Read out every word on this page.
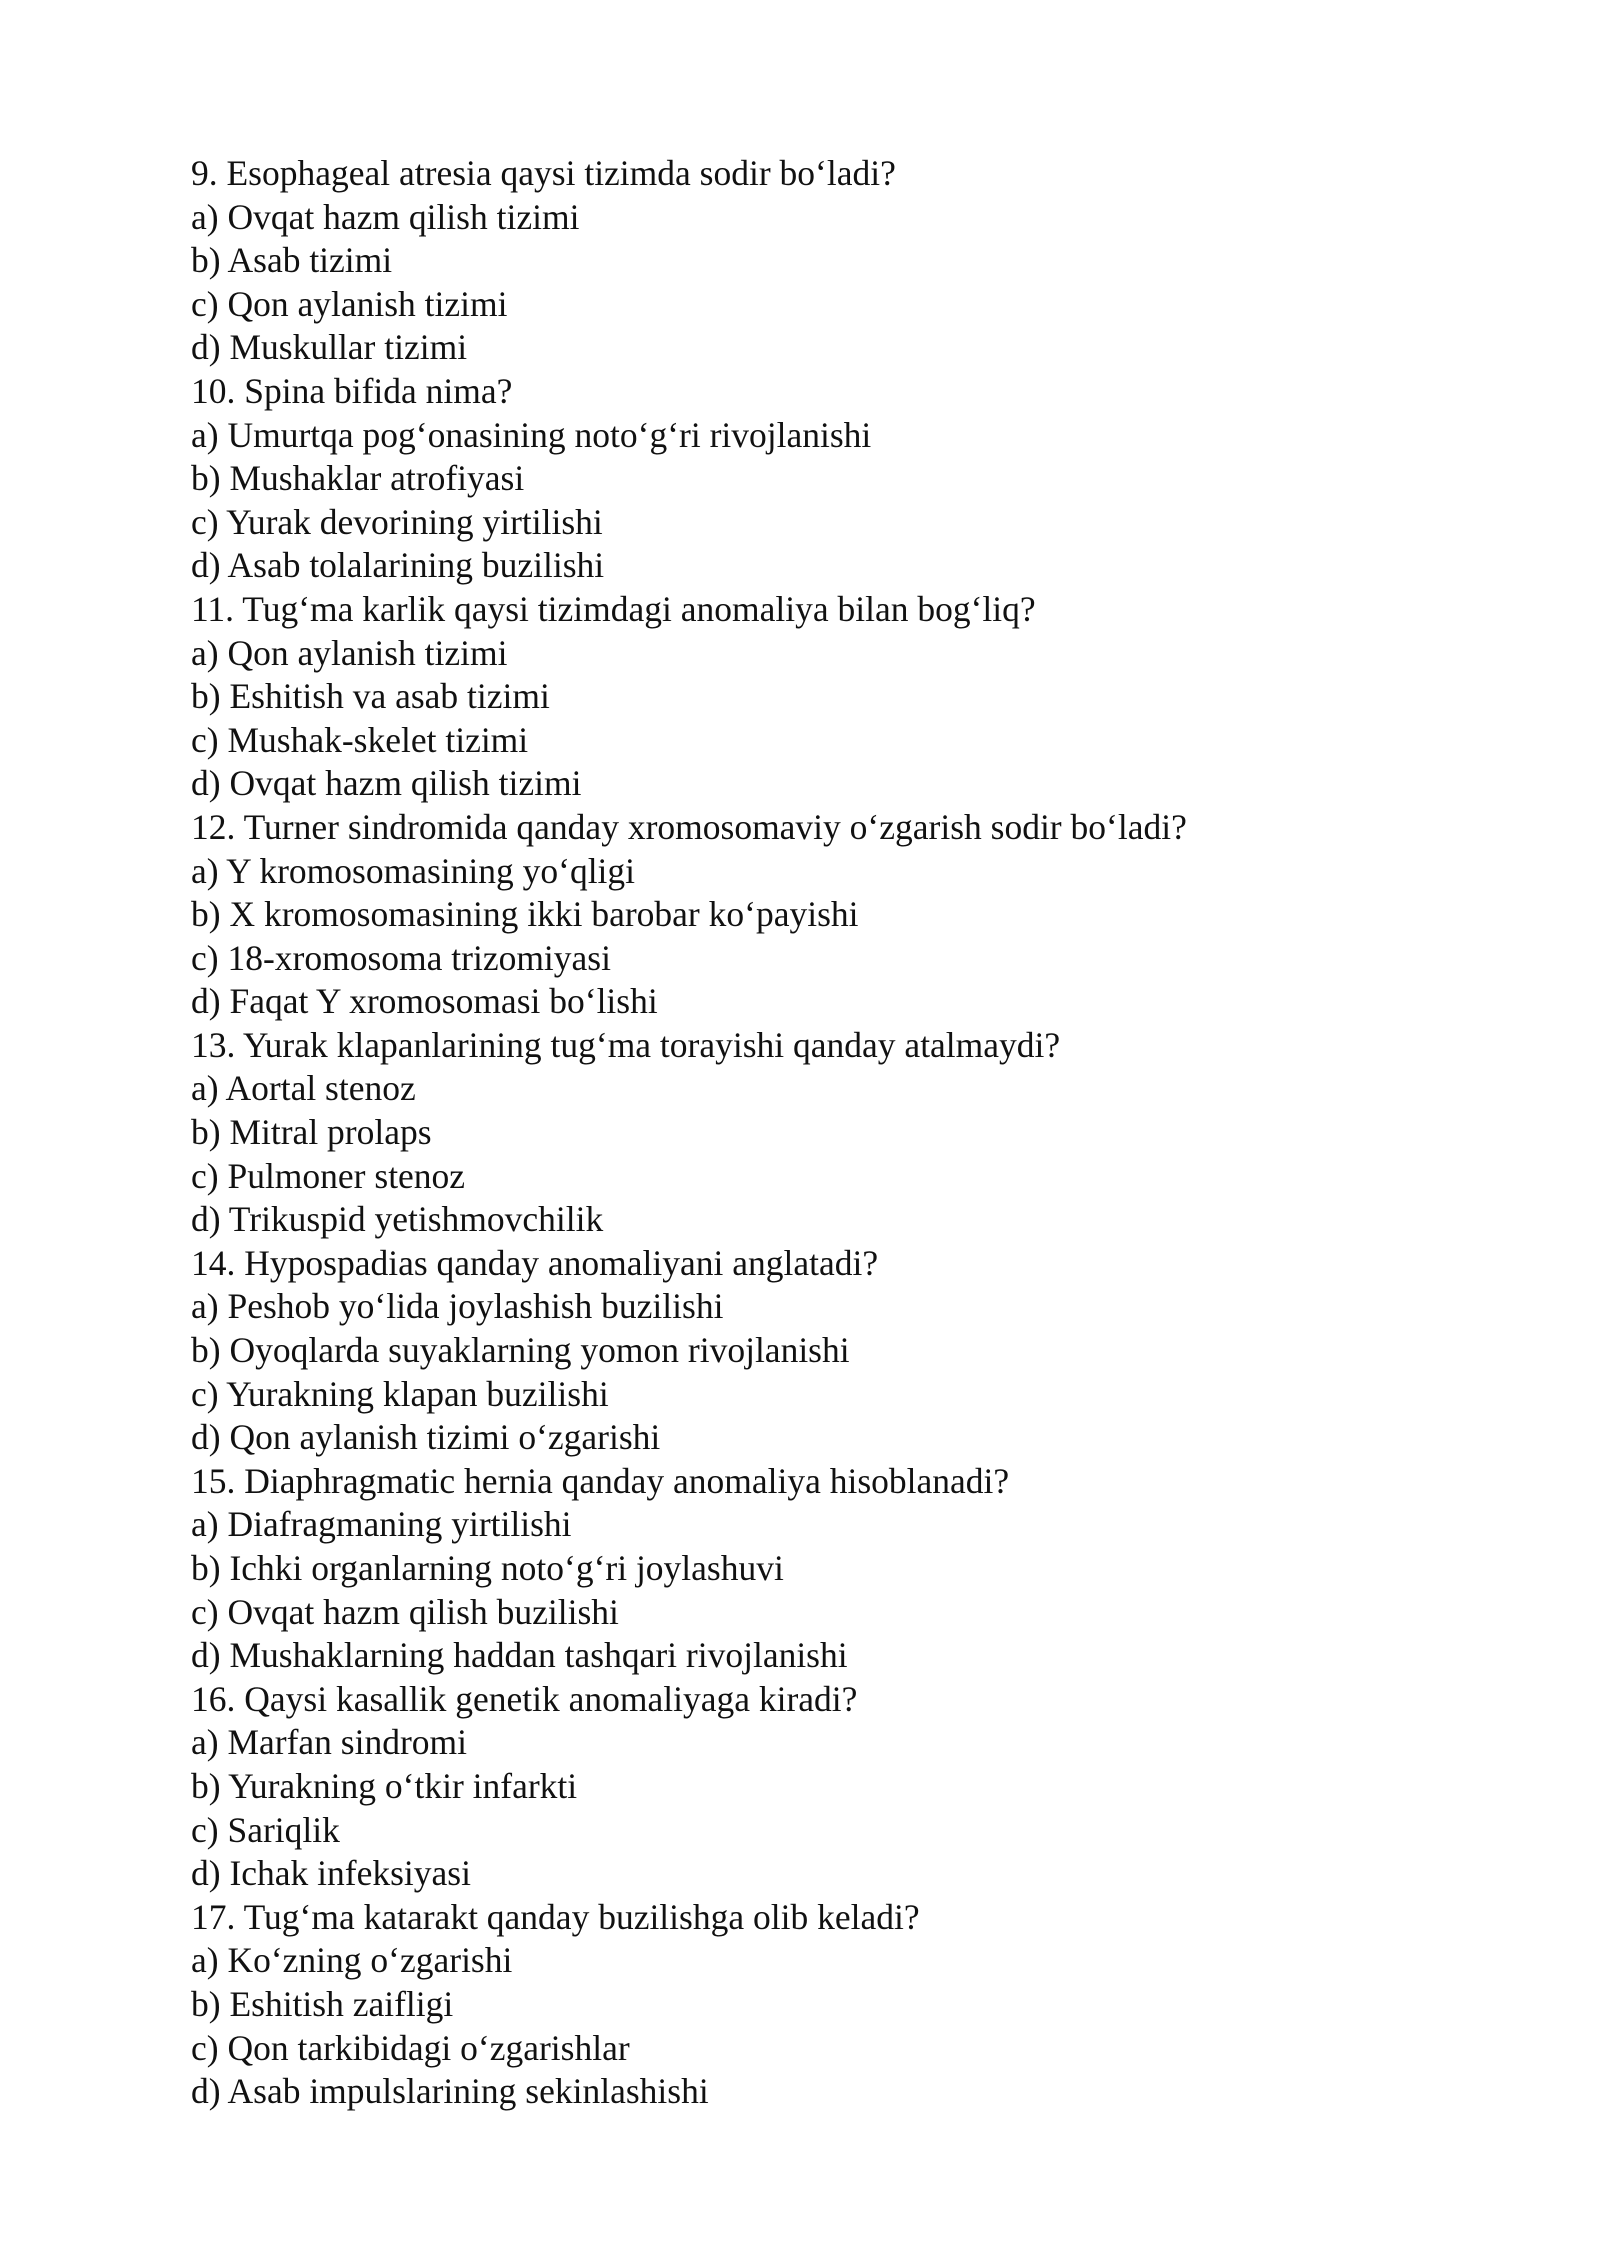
9. Esophageal atresia qaysi tizimda sodir bo‘ladi?
a) Ovqat hazm qilish tizimi
b) Asab tizimi
c) Qon aylanish tizimi
d) Muskullar tizimi
10. Spina bifida nima?
a) Umurtqa pog‘onasining noto‘g‘ri rivojlanishi
b) Mushaklar atrofiyasi
c) Yurak devorining yirtilishi
d) Asab tolalarining buzilishi
11. Tug‘ma karlik qaysi tizimdagi anomaliya bilan bog‘liq?
a) Qon aylanish tizimi
b) Eshitish va asab tizimi
c) Mushak-skelet tizimi
d) Ovqat hazm qilish tizimi
12. Turner sindromida qanday xromosomaviy o‘zgarish sodir bo‘ladi?
a) Y kromosomasining yo‘qligi
b) X kromosomasining ikki barobar ko‘payishi
c) 18-xromosoma trizomiyasi
d) Faqat Y xromosomasi bo‘lishi
13. Yurak klapanlarining tug‘ma torayishi qanday atalmaydi?
a) Aortal stenoz
b) Mitral prolaps
c) Pulmoner stenoz
d) Trikuspid yetishmovchilik
14. Hypospadias qanday anomaliyani anglatadi?
a) Peshob yo‘lida joylashish buzilishi
b) Oyoqlarda suyaklarning yomon rivojlanishi
c) Yurakning klapan buzilishi
d) Qon aylanish tizimi o‘zgarishi
15. Diaphragmatic hernia qanday anomaliya hisoblanadi?
a) Diafragmaning yirtilishi
b) Ichki organlarning noto‘g‘ri joylashuvi
c) Ovqat hazm qilish buzilishi
d) Mushaklarning haddan tashqari rivojlanishi
16. Qaysi kasallik genetik anomaliyaga kiradi?
a) Marfan sindromi
b) Yurakning o‘tkir infarkti
c) Sariqlik
d) Ichak infeksiyasi
17. Tug‘ma katarakt qanday buzilishga olib keladi?
a) Ko‘zning o‘zgarishi
b) Eshitish zaifligi
c) Qon tarkibidagi o‘zgarishlar
d) Asab impulslarining sekinlashishi
